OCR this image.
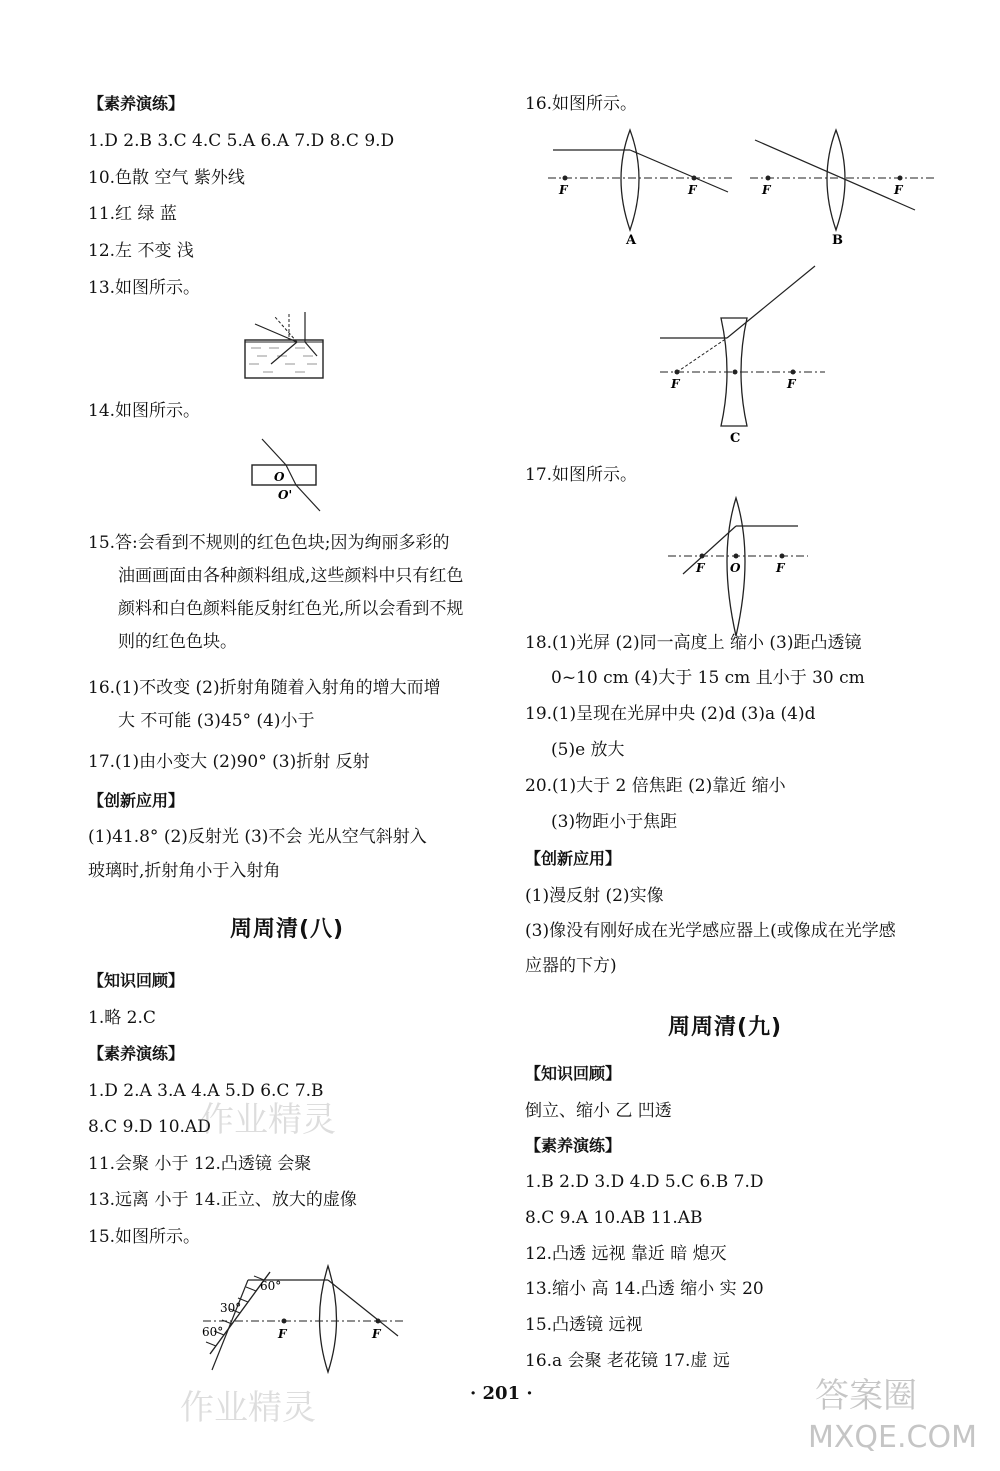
【素养演练】
1.D 2.B 3.C 4.C 5.A 6.A 7.D 8.C 9.D
10.色散 空气 紫外线
11.红 绿 蓝
12.左 不变 浅
13.如图所示。
14.如图所示。
O
O'
15.答:会看到不规则的红色色块;因为绚丽多彩的
油画画面由各种颜料组成,这些颜料中只有红色
颜料和白色颜料能反射红色光,所以会看到不规
则的红色色块。
16.(1)不改变 (2)折射角随着入射角的增大而增
大 不可能 (3)45° (4)小于
17.(1)由小变大 (2)90° (3)折射 反射
【创新应用】
(1)41.8° (2)反射光 (3)不会 光从空气斜射入
玻璃时,折射角小于入射角
周周清(八)
【知识回顾】
1.略 2.C
【素养演练】
1.D 2.A 3.A 4.A 5.D 6.C 7.B
8.C 9.D 10.AD
11.会聚 小于 12.凸透镜 会聚
13.远离 小于 14.正立、放大的虚像
15.如图所示。
60°
30°
60°	F	F
16.如图所示。
F	F
A
F	F
B
F	F
C
17.如图所示。
F O	F
18.(1)光屏 (2)同一高度上 缩小 (3)距凸透镜
0~10 cm (4)大于 15 cm 且小于 30 cm
19.(1)呈现在光屏中央 (2)d (3)a (4)d
(5)e 放大
20.(1)大于 2 倍焦距 (2)靠近 缩小
(3)物距小于焦距
【创新应用】
(1)漫反射 (2)实像
(3)像没有刚好成在光学感应器上(或像成在光学感
应器的下方)
周周清(九)
【知识回顾】
倒立、缩小 乙 凹透
【素养演练】
1.B 2.D 3.D 4.D 5.C 6.B 7.D
8.C 9.A 10.AB 11.AB
12.凸透 远视 靠近 暗 熄灭
13.缩小 高 14.凸透 缩小 实 20
15.凸透镜 远视
16.a 会聚 老花镜 17.虚 远
· 201 ·
作业精灵
作业精灵	答案圈
MXQE.COM
